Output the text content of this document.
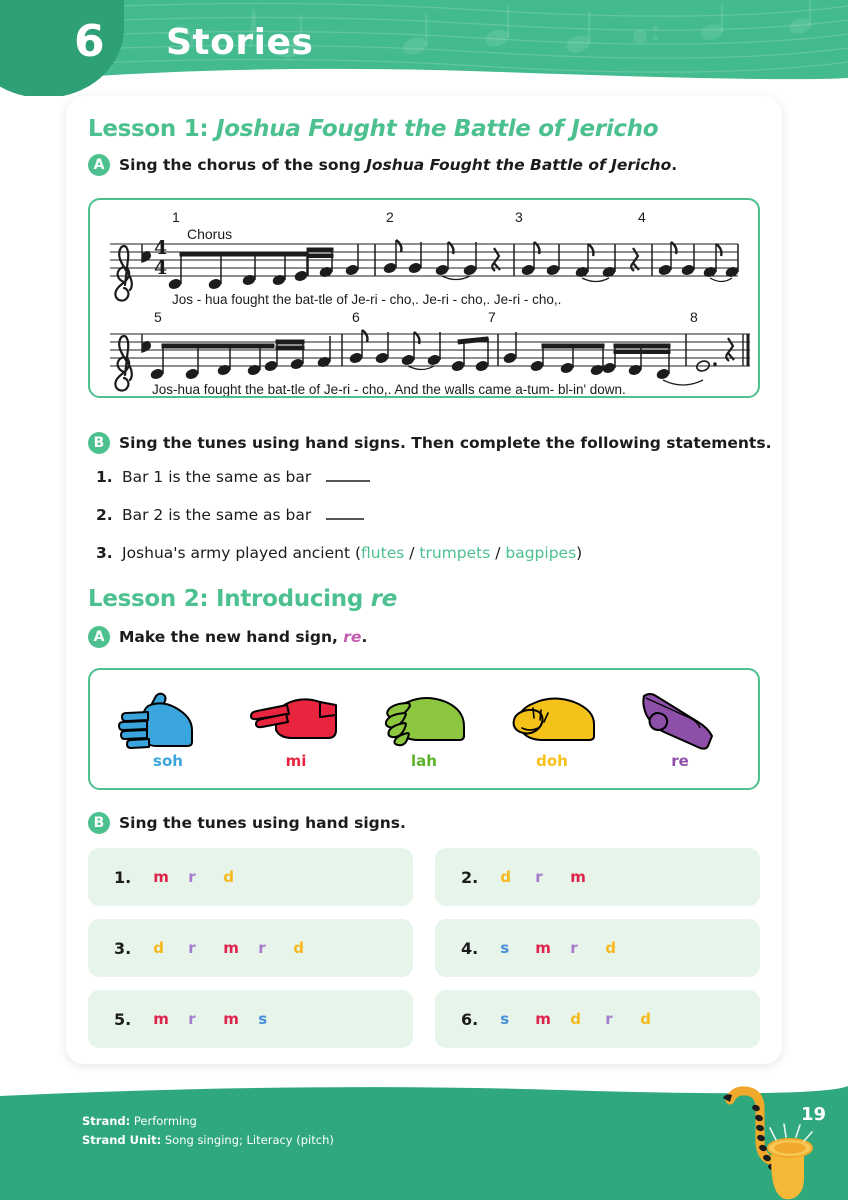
6 Stories
Lesson 1: Joshua Fought the Battle of Jericho
A Sing the chorus of the song Joshua Fought the Battle of Jericho.
4
4
1	2	3	4
Chorus
Jos - hua fought the bat-tle of Je-ri - cho,. Je-ri - cho,. Je-ri - cho,.
5	6	7	8
Jos-hua fought the bat-tle of Je-ri - cho,. And the walls came a-tum- bl-in' down.__
B Sing the tunes using hand signs. Then complete the following statements.
1. Bar 1 is the same as bar
2. Bar 2 is the same as bar
3. Joshua's army played ancient (flutes / trumpets / bagpipes)
Lesson 2: Introducing re
A Make the new hand sign, re.
soh	mi	lah	doh	re
B Sing the tunes using hand signs.
1. m r	d	2. d	r	m
3. d	r	m r	d	4. s	m r	d
5. m r	m s	6. s	m d	r	d
Strand: Performing
Strand Unit: Song singing; Literacy (pitch)
19
